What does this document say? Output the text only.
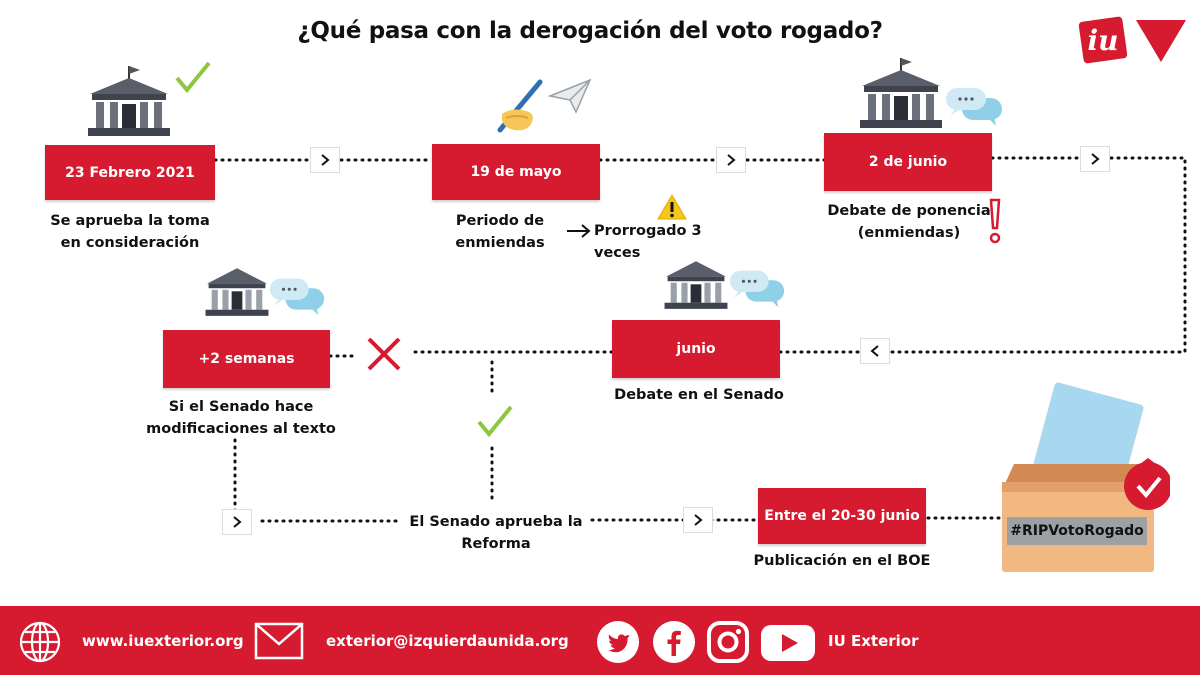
¿Qué pasa con la derogación del voto rogado?	iu
23 Febrero 2021	19 de mayo
2 de junio
junio
+2 semanas
Entre el 20-30 junio
Se aprueba la toma
en consideración
Periodo de
enmiendas
Prorrogado 3 veces
Debate de ponencia
(enmiendas)
Debate en el Senado
Si el Senado hace
modificaciones al texto
El Senado aprueba la
Reforma
Publicación en el BOE
#RIPVotoRogado
www.iuexterior.org	exterior@izquierdaunida.org	IU Exterior
